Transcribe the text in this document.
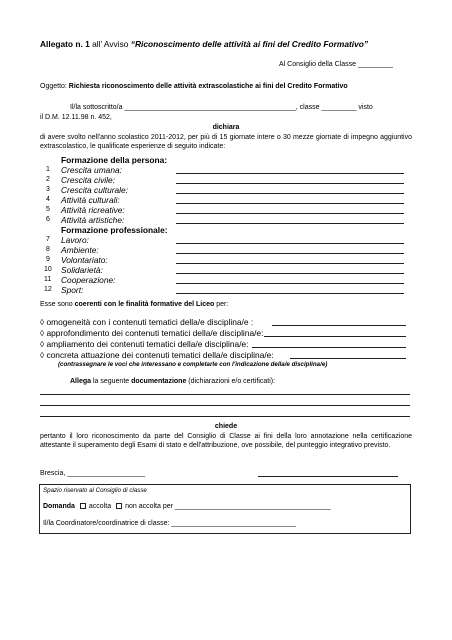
Allegato n. 1 all’ Avviso “Riconoscimento delle attività ai fini del Credito Formativo”
Al Consiglio della Classe _________
Oggetto: Richiesta riconoscimento delle attività extrascolastiche ai fini del Credito Formativo
Il/la sottoscritto/a ____________________________________________, classe _________ visto
il D.M. 12.11.98 n. 452,
dichiara
di avere svolto nell'anno scolastico 2011-2012, per più di 15 giornate intere o 30 mezze giornate di impegno aggiuntivo extrascolastico, le qualificate esperienze di seguito indicate:
Formazione della persona:
1 Crescita umana:
2 Crescita civile:
3 Crescita culturale:
4 Attività culturali:
5 Attività ricreative:
6 Attività artistiche:
Formazione professionale:
7 Lavoro:
8 Ambiente:
9 Volontariato:
10 Solidarietà:
11 Cooperazione:
12 Sport:
Esse sono coerenti con le finalità formative del Liceo per:
◊ omogeneità con i contenuti tematici della/e disciplina/e :
◊ approfondimento dei contenuti tematici della/e disciplina/e:
◊ ampliamento dei contenuti tematici della/e disciplina/e:
◊ concreta attuazione dei contenuti tematici della/e disciplina/e:
(contrassegnare le voci che interessano e completarle con l'indicazione della/e disciplina/e)
Allega la seguente documentazione (dichiarazioni e/o certificati):
chiede
pertanto il loro riconoscimento da parte del Consiglio di Classe ai fini della loro annotazione nella certificazione attestante il superamento degli Esami di stato e dell'attribuzione, ove possibile, del punteggio integrativo previsto.
Brescia, ____________________
Spazio riservato al Consiglio di classe
Domanda accolta non accolta per ________________________________________
Il/la Coordinatore/coordinatrice di classe: ________________________________
